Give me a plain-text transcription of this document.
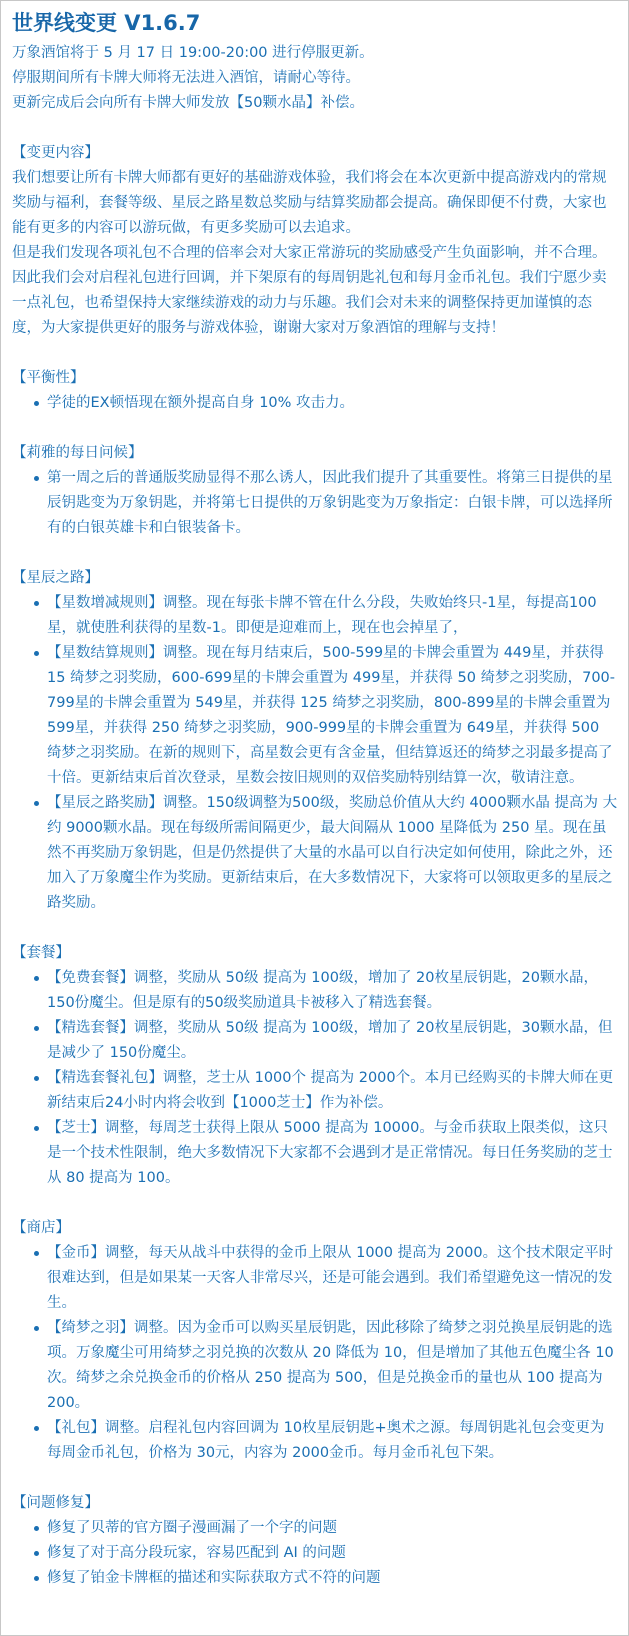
世界线变更 V1.6.7

万象酒馆将于 5 月 17 日 19:00-20:00 进行停服更新。

停服期间所有卡牌大师将无法进入酒馆，请耐心等待。

更新完成后会向所有卡牌大师发放【50颗水晶】补偿。

【变更内容】

我们想要让所有卡牌大师都有更好的基础游戏体验，我们将会在本次更新中提高游戏内的常规奖励与福利，套餐等级、星辰之路星数总奖励与结算奖励都会提高。确保即便不付费，大家也能有更多的内容可以游玩做，有更多奖励可以去追求。

但是我们发现各项礼包不合理的倍率会对大家正常游玩的奖励感受产生负面影响，并不合理。因此我们会对启程礼包进行回调，并下架原有的每周钥匙礼包和每月金币礼包。我们宁愿少卖一点礼包，也希望保持大家继续游戏的动力与乐趣。我们会对未来的调整保持更加谨慎的态度，为大家提供更好的服务与游戏体验，谢谢大家对万象酒馆的理解与支持！

【平衡性】

学徒的EX顿悟现在额外提高自身 10% 攻击力。

【莉雅的每日问候】

第一周之后的普通版奖励显得不那么诱人，因此我们提升了其重要性。将第三日提供的星辰钥匙变为万象钥匙，并将第七日提供的万象钥匙变为万象指定：白银卡牌，可以选择所有的白银英雄卡和白银装备卡。

【星辰之路】

【星数增减规则】调整。现在每张卡牌不管在什么分段，失败始终只-1星，每提高100星，就使胜利获得的星数-1。即便是迎难而上，现在也会掉星了，
【星数结算规则】调整。现在每月结束后，500-599星的卡牌会重置为 449星，并获得 15 绮梦之羽奖励，600-699星的卡牌会重置为 499星，并获得 50 绮梦之羽奖励，700-799星的卡牌会重置为 549星，并获得 125 绮梦之羽奖励，800-899星的卡牌会重置为 599星，并获得 250 绮梦之羽奖励，900-999星的卡牌会重置为 649星，并获得 500 绮梦之羽奖励。在新的规则下，高星数会更有含金量，但结算返还的绮梦之羽最多提高了十倍。更新结束后首次登录，星数会按旧规则的双倍奖励特别结算一次，敬请注意。
【星辰之路奖励】调整。150级调整为500级，奖励总价值从大约 4000颗水晶 提高为 大约 9000颗水晶。现在每级所需间隔更少，最大间隔从 1000 星降低为 250 星。现在虽然不再奖励万象钥匙，但是仍然提供了大量的水晶可以自行决定如何使用，除此之外，还加入了万象魔尘作为奖励。更新结束后，在大多数情况下，大家将可以领取更多的星辰之路奖励。

【套餐】

【免费套餐】调整，奖励从 50级 提高为 100级，增加了 20枚星辰钥匙，20颗水晶，150份魔尘。但是原有的50级奖励道具卡被移入了精选套餐。
【精选套餐】调整，奖励从 50级 提高为 100级，增加了 20枚星辰钥匙，30颗水晶，但是减少了 150份魔尘。
【精选套餐礼包】调整，芝士从 1000个 提高为 2000个。本月已经购买的卡牌大师在更新结束后24小时内将会收到【1000芝士】作为补偿。
【芝士】调整，每周芝士获得上限从 5000 提高为 10000。与金币获取上限类似，这只是一个技术性限制，绝大多数情况下大家都不会遇到才是正常情况。每日任务奖励的芝士从 80 提高为 100。

【商店】

【金币】调整，每天从战斗中获得的金币上限从 1000 提高为 2000。这个技术限定平时很难达到，但是如果某一天客人非常尽兴，还是可能会遇到。我们希望避免这一情况的发生。
【绮梦之羽】调整。因为金币可以购买星辰钥匙，因此移除了绮梦之羽兑换星辰钥匙的选项。万象魔尘可用绮梦之羽兑换的次数从 20 降低为 10，但是增加了其他五色魔尘各 10 次。绮梦之余兑换金币的价格从 250 提高为 500，但是兑换金币的量也从 100 提高为 200。
【礼包】调整。启程礼包内容回调为 10枚星辰钥匙+奥术之源。每周钥匙礼包会变更为每周金币礼包，价格为 30元，内容为 2000金币。每月金币礼包下架。

【问题修复】

修复了贝蒂的官方圈子漫画漏了一个字的问题
修复了对于高分段玩家，容易匹配到 AI 的问题
修复了铂金卡牌框的描述和实际获取方式不符的问题
